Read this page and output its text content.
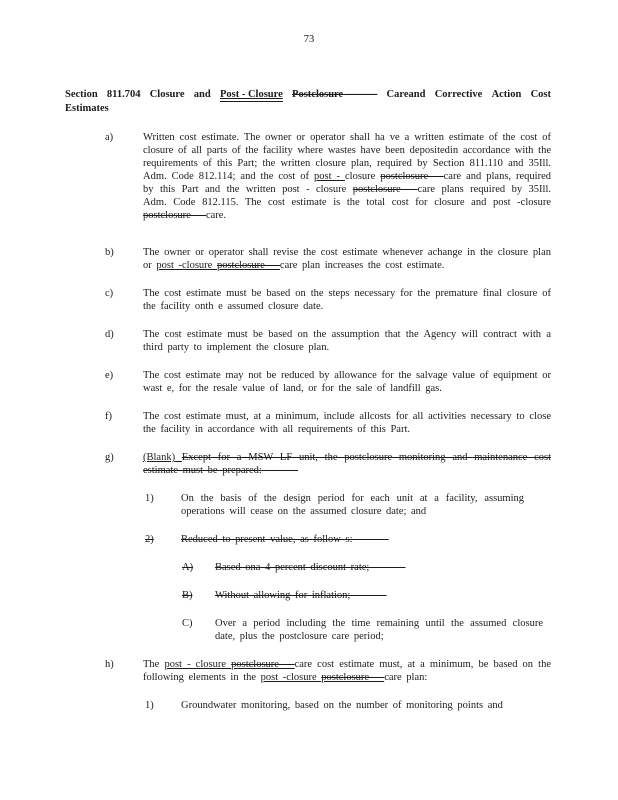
73
Section 811.704 Closure and Post - Closure Postclosure ——— Careand Corrective Action Cost
Estimates
a)	Written cost estimate. The owner or operator shall ha ve a written estimate of the cost of closure of all parts of the facility where wastes have been depositedin accordance with the requirements of this Part; the written closure plan, required by Section 811.110 and 35Ill. Adm. Code 812.114; and the cost of post - closure postclosure —care and plans, required by this Part and the written post - closure postclosure —care plans required by 35Ill. Adm. Code 812.115. The cost estimate is the total cost for closure and post -closure postclosure —care.
b)	The owner or operator shall revise the cost estimate whenever achange in the closure plan or post -closure postclosure —care plan increases the cost estimate.
c)	The cost estimate must be based on the steps necessary for the premature final closure of the facility onth e assumed closure date.
d)	The cost estimate must be based on the assumption that the Agency will contract with a third party to implement the closure plan.
e)	The cost estimate may not be reduced by allowance for the salvage value of equipment or wast e, for the resale value of land, or for the sale of landfill gas.
f)	The cost estimate must, at a minimum, include allcosts for all activities necessary to close the facility in accordance with all requirements of this Part.
g)	(Blank) Except for a MSW LF unit, the postclosure monitoring and maintenance cost estimate must be prepared: ———
1)	On the basis of the design period for each unit at a facility, assuming operations will cease on the assumed closure date; and
2)	Reduced to present value, as follow s: ———
A)	Based ona 4 percent discount rate; ———
B)	Without allowing for inflation; ———
C)	Over a period including the time remaining until the assumed closure date, plus the postclosure care period;
h)	The post - closure postclosure —care cost estimate must, at a minimum, be based on the following elements in the post -closure postclosure —care plan:
1)	Groundwater monitoring, based on the number of monitoring points and
